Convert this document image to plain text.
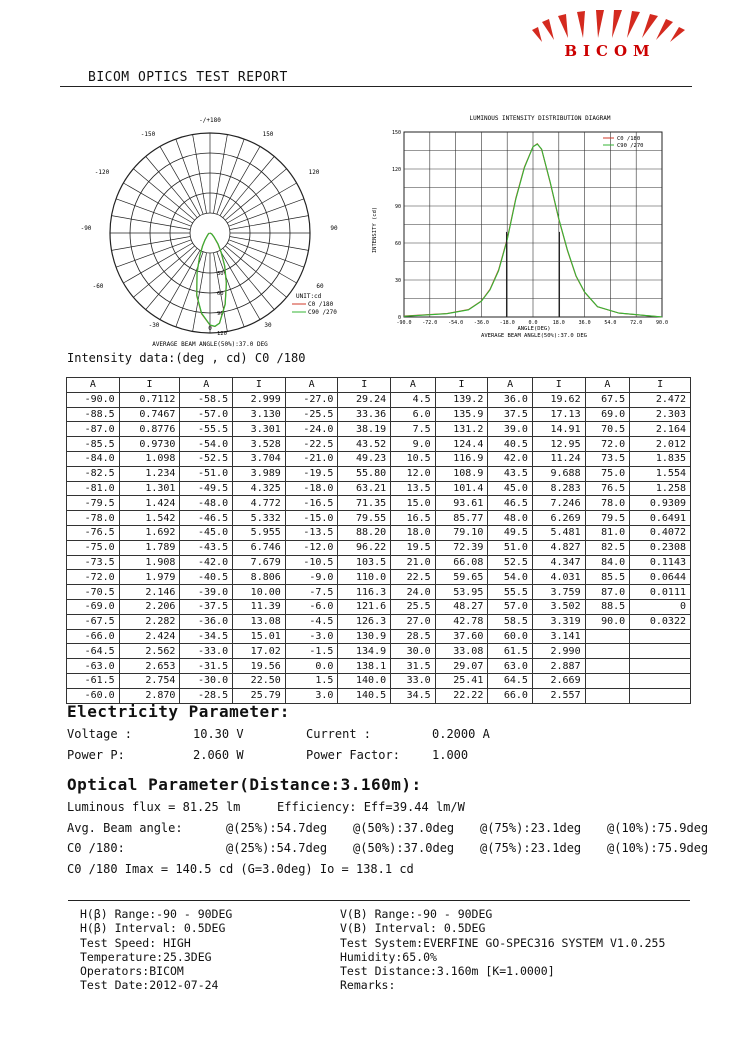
BICOM
BICOM OPTICS TEST REPORT
-/+180
-150	150
-120	120
-90	90
-60	60
-30	30
0
30
60
90
120
AVERAGE BEAM ANGLE(50%):37.0 DEG
UNIT:cd
C0 /180
C90 /270
LUMINOUS INTENSITY DISTRIBUTION DIAGRAM
-90.0 -72.0 -54.0 -36.0 -18.0	0.0	18.0	36.0	54.0	72.0	90.0
0
30
60
90
120
150
INTENSITY (cd)
ANGLE(DEG)
AVERAGE BEAM ANGLE(50%):37.0 DEG
C0 /180
C90 /270
Intensity data:(deg , cd) C0 /180
A	I	A	I	A	I	A	I	A	I	A	I
-90.0	0.7112	-58.5	2.999	-27.0	29.24	4.5	139.2	36.0	19.62	67.5	2.472
-88.5	0.7467	-57.0	3.130	-25.5	33.36	6.0	135.9	37.5	17.13	69.0	2.303
-87.0	0.8776	-55.5	3.301	-24.0	38.19	7.5	131.2	39.0	14.91	70.5	2.164
-85.5	0.9730	-54.0	3.528	-22.5	43.52	9.0	124.4	40.5	12.95	72.0	2.012
-84.0	1.098	-52.5	3.704	-21.0	49.23	10.5	116.9	42.0	11.24	73.5	1.835
-82.5	1.234	-51.0	3.989	-19.5	55.80	12.0	108.9	43.5	9.688	75.0	1.554
-81.0	1.301	-49.5	4.325	-18.0	63.21	13.5	101.4	45.0	8.283	76.5	1.258
-79.5	1.424	-48.0	4.772	-16.5	71.35	15.0	93.61	46.5	7.246	78.0	0.9309
-78.0	1.542	-46.5	5.332	-15.0	79.55	16.5	85.77	48.0	6.269	79.5	0.6491
-76.5	1.692	-45.0	5.955	-13.5	88.20	18.0	79.10	49.5	5.481	81.0	0.4072
-75.0	1.789	-43.5	6.746	-12.0	96.22	19.5	72.39	51.0	4.827	82.5	0.2308
-73.5	1.908	-42.0	7.679	-10.5	103.5	21.0	66.08	52.5	4.347	84.0	0.1143
-72.0	1.979	-40.5	8.806	-9.0	110.0	22.5	59.65	54.0	4.031	85.5	0.0644
-70.5	2.146	-39.0	10.00	-7.5	116.3	24.0	53.95	55.5	3.759	87.0	0.0111
-69.0	2.206	-37.5	11.39	-6.0	121.6	25.5	48.27	57.0	3.502	88.5	0
-67.5	2.282	-36.0	13.08	-4.5	126.3	27.0	42.78	58.5	3.319	90.0	0.0322
-66.0	2.424	-34.5	15.01	-3.0	130.9	28.5	37.60	60.0	3.141		
-64.5	2.562	-33.0	17.02	-1.5	134.9	30.0	33.08	61.5	2.990		
-63.0	2.653	-31.5	19.56	0.0	138.1	31.5	29.07	63.0	2.887		
-61.5	2.754	-30.0	22.50	1.5	140.0	33.0	25.41	64.5	2.669		
-60.0	2.870	-28.5	25.79	3.0	140.5	34.5	22.22	66.0	2.557		
Electricity Parameter:
Voltage :	10.30 V	Current :	0.2000 A
Power P:	2.060 W	Power Factor:	1.000
Optical Parameter(Distance:3.160m):
Luminous flux = 81.25 lm	Efficiency: Eff=39.44 lm/W
Avg. Beam angle:	@(25%):54.7deg @(50%):37.0deg @(75%):23.1deg @(10%):75.9deg
C0 /180:	@(25%):54.7deg @(50%):37.0deg @(75%):23.1deg @(10%):75.9deg
C0 /180 Imax = 140.5 cd (G=3.0deg) Io = 138.1 cd
H(β) Range:-90 - 90DEG
H(β) Interval: 0.5DEG
Test Speed: HIGH
Temperature:25.3DEG
Operators:BICOM
Test Date:2012-07-24
V(B) Range:-90 - 90DEG
V(B) Interval: 0.5DEG
Test System:EVERFINE GO-SPEC316 SYSTEM V1.0.255
Humidity:65.0%
Test Distance:3.160m [K=1.0000]
Remarks:
